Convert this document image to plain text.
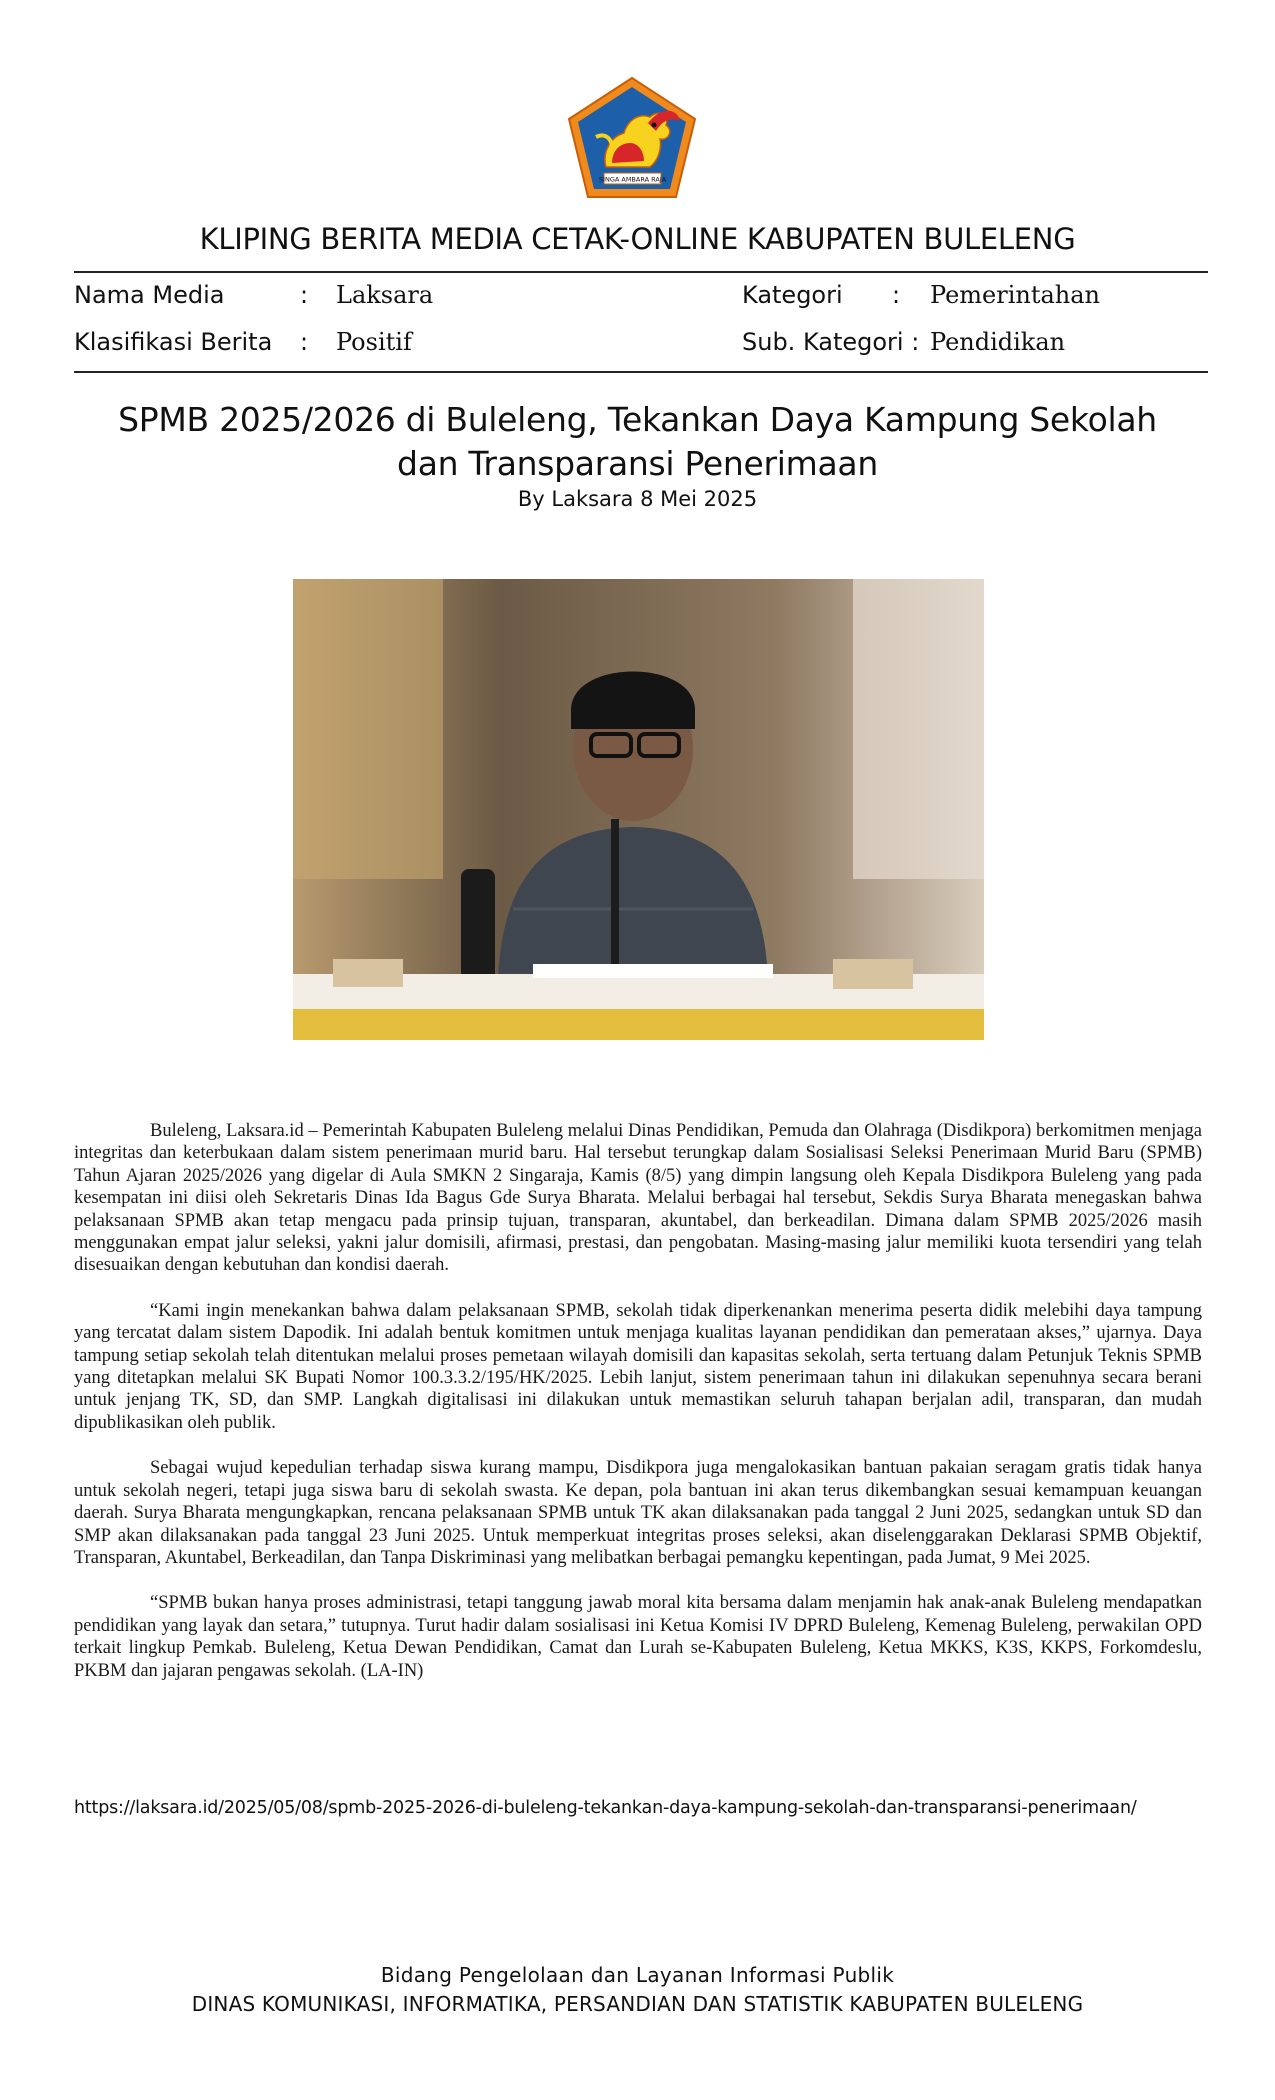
SINGA AMBARA RAJA
KLIPING BERITA MEDIA CETAK-ONLINE KABUPATEN BULELENG
Nama Media	: Laksara	Kategori : Pemerintahan
Klasifikasi Berita : Positif	Sub. Kategori : Pendidikan
SPMB 2025/2026 di Buleleng, Tekankan Daya Kampung Sekolah dan Transparansi Penerimaan
By Laksara 8 Mei 2025

Buleleng, Laksara.id – Pemerintah Kabupaten Buleleng melalui Dinas Pendidikan, Pemuda dan Olahraga (Disdikpora) berkomitmen menjaga integritas dan keterbukaan dalam sistem penerimaan murid baru. Hal tersebut terungkap dalam Sosialisasi Seleksi Penerimaan Murid Baru (SPMB) Tahun Ajaran 2025/2026 yang digelar di Aula SMKN 2 Singaraja, Kamis (8/5) yang dimpin langsung oleh Kepala Disdikpora Buleleng yang pada kesempatan ini diisi oleh Sekretaris Dinas Ida Bagus Gde Surya Bharata. Melalui berbagai hal tersebut, Sekdis Surya Bharata menegaskan bahwa pelaksanaan SPMB akan tetap mengacu pada prinsip tujuan, transparan, akuntabel, dan berkeadilan. Dimana dalam SPMB 2025/2026 masih menggunakan empat jalur seleksi, yakni jalur domisili, afirmasi, prestasi, dan pengobatan. Masing-masing jalur memiliki kuota tersendiri yang telah disesuaikan dengan kebutuhan dan kondisi daerah.

“Kami ingin menekankan bahwa dalam pelaksanaan SPMB, sekolah tidak diperkenankan menerima peserta didik melebihi daya tampung yang tercatat dalam sistem Dapodik. Ini adalah bentuk komitmen untuk menjaga kualitas layanan pendidikan dan pemerataan akses,” ujarnya. Daya tampung setiap sekolah telah ditentukan melalui proses pemetaan wilayah domisili dan kapasitas sekolah, serta tertuang dalam Petunjuk Teknis SPMB yang ditetapkan melalui SK Bupati Nomor 100.3.3.2/195/HK/2025. Lebih lanjut, sistem penerimaan tahun ini dilakukan sepenuhnya secara berani untuk jenjang TK, SD, dan SMP. Langkah digitalisasi ini dilakukan untuk memastikan seluruh tahapan berjalan adil, transparan, dan mudah dipublikasikan oleh publik.

Sebagai wujud kepedulian terhadap siswa kurang mampu, Disdikpora juga mengalokasikan bantuan pakaian seragam gratis tidak hanya untuk sekolah negeri, tetapi juga siswa baru di sekolah swasta. Ke depan, pola bantuan ini akan terus dikembangkan sesuai kemampuan keuangan daerah. Surya Bharata mengungkapkan, rencana pelaksanaan SPMB untuk TK akan dilaksanakan pada tanggal 2 Juni 2025, sedangkan untuk SD dan SMP akan dilaksanakan pada tanggal 23 Juni 2025. Untuk memperkuat integritas proses seleksi, akan diselenggarakan Deklarasi SPMB Objektif, Transparan, Akuntabel, Berkeadilan, dan Tanpa Diskriminasi yang melibatkan berbagai pemangku kepentingan, pada Jumat, 9 Mei 2025.

“SPMB bukan hanya proses administrasi, tetapi tanggung jawab moral kita bersama dalam menjamin hak anak-anak Buleleng mendapatkan pendidikan yang layak dan setara,” tutupnya. Turut hadir dalam sosialisasi ini Ketua Komisi IV DPRD Buleleng, Kemenag Buleleng, perwakilan OPD terkait lingkup Pemkab. Buleleng, Ketua Dewan Pendidikan, Camat dan Lurah se-Kabupaten Buleleng, Ketua MKKS, K3S, KKPS, Forkomdeslu, PKBM dan jajaran pengawas sekolah. (LA-IN)

https://laksara.id/2025/05/08/spmb-2025-2026-di-buleleng-tekankan-daya-kampung-sekolah-dan-transparansi-penerimaan/
Bidang Pengelolaan dan Layanan Informasi Publik
DINAS KOMUNIKASI, INFORMATIKA, PERSANDIAN DAN STATISTIK KABUPATEN BULELENG
